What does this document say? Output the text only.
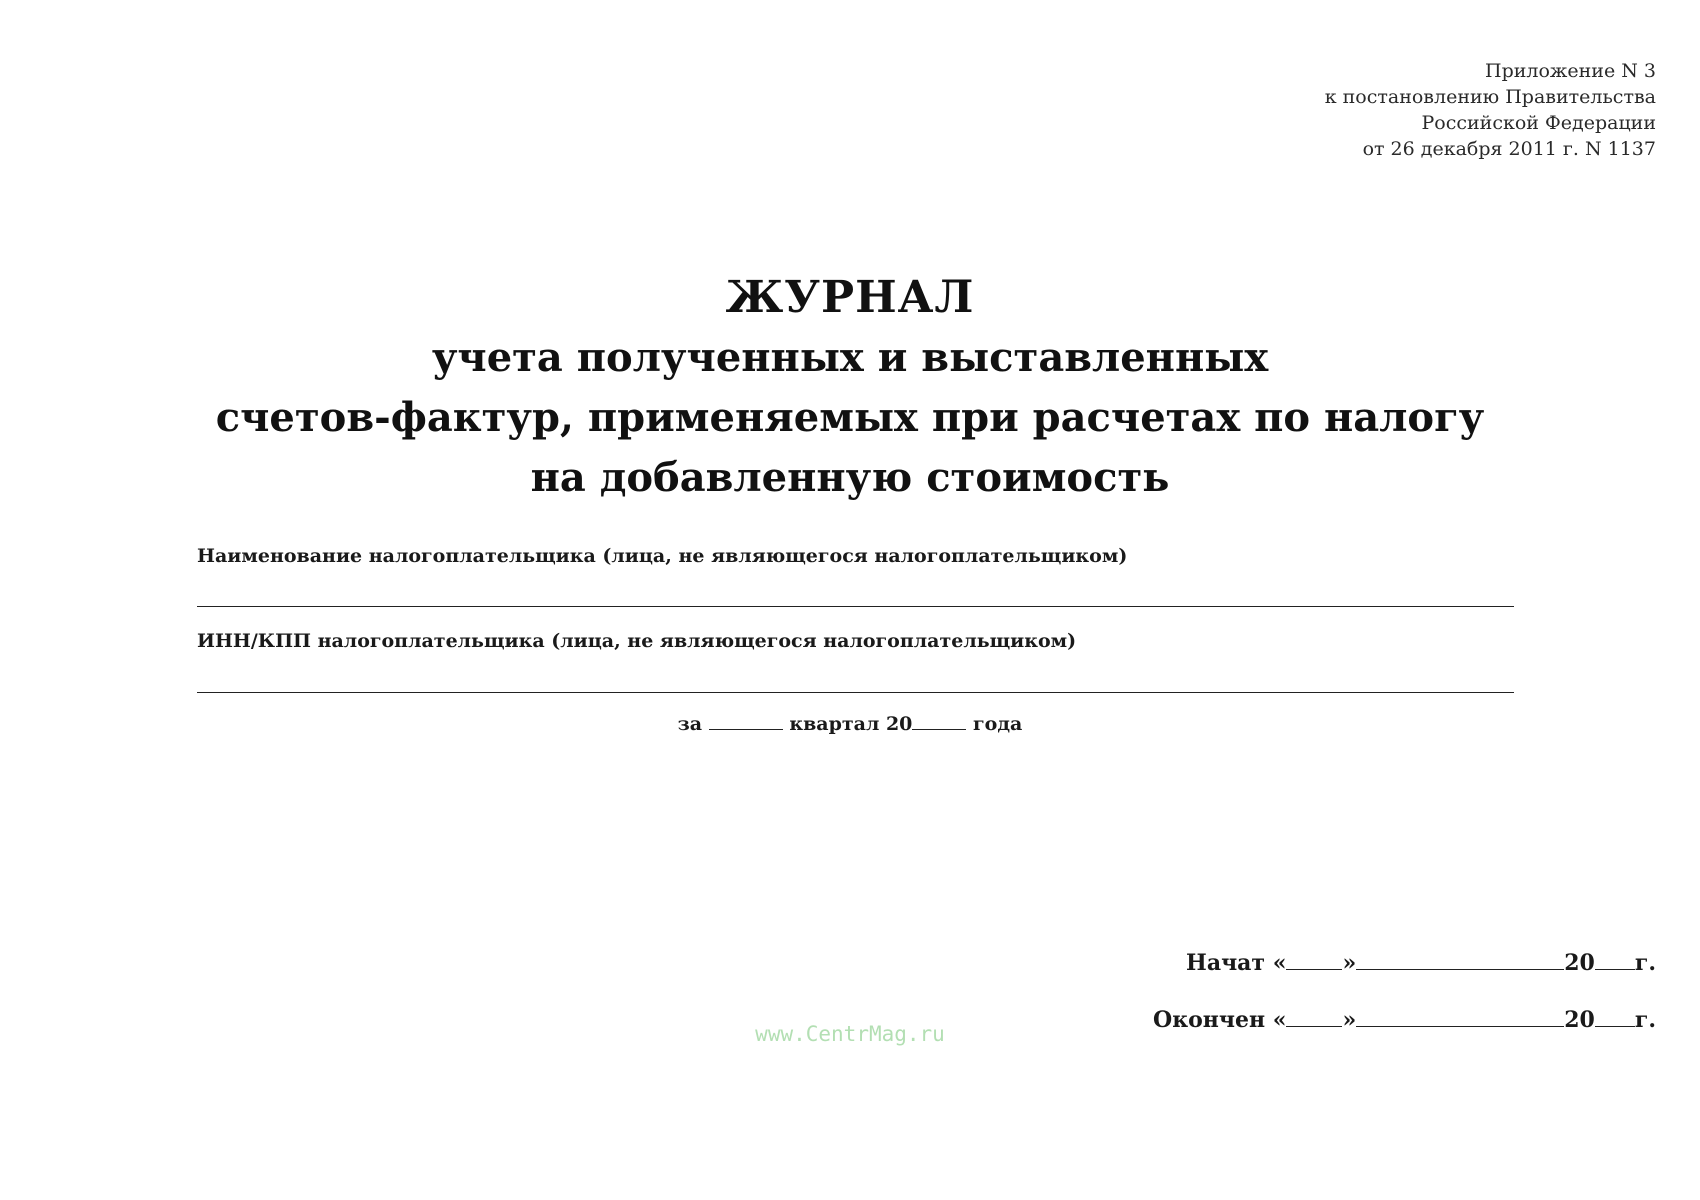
Приложение N 3
к постановлению Правительства
Российской Федерации
от 26 декабря 2011 г. N 1137
ЖУРНАЛ
учета полученных и выставленных
счетов-фактур, применяемых при расчетах по налогу
на добавленную стоимость
Наименование налогоплательщика (лица, не являющегося налогоплательщиком)
ИНН/КПП налогоплательщика (лица, не являющегося налогоплательщиком)
за	квартал 20	года
Начат «	»	20 г.
Окончен «	»	20 г.
www.CentrMag.ru
